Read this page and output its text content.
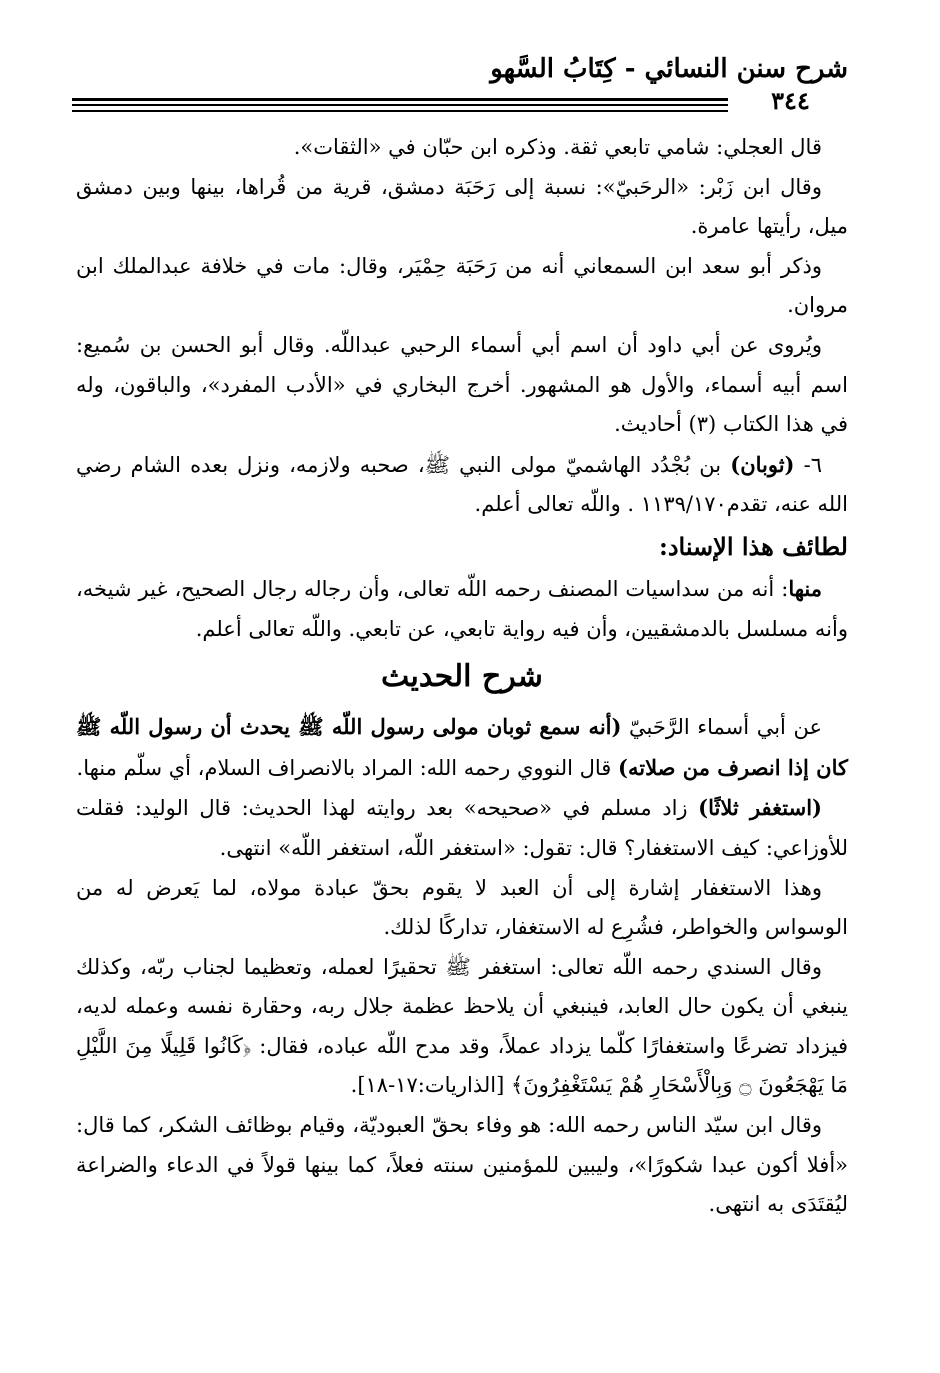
شرح سنن النسائي - كِتَابُ السَّهو
٣٤٤

قال العجلي: شامي تابعي ثقة. وذكره ابن حبّان في «الثقات».

وقال ابن زَبْر: «الرحَبيّ»: نسبة إلى رَحَبَة دمشق، قرية من قُراها، بينها وبين دمشق ميل، رأيتها عامرة.

وذكر أبو سعد ابن السمعاني أنه من رَحَبَة حِمْيَر، وقال: مات في خلافة عبدالملك ابن مروان.

ويُروى عن أبي داود أن اسم أبي أسماء الرحبي عبداللّه. وقال أبو الحسن بن سُميع: اسم أبيه أسماء، والأول هو المشهور. أخرج البخاري في «الأدب المفرد»، والباقون، وله في هذا الكتاب (٣) أحاديث.

٦- (ثوبان) بن بُجْدُد الهاشميّ مولى النبي ﷺ، صحبه ولازمه، ونزل بعده الشام رضي الله عنه، تقدم١١٣٩/١٧٠ . واللّه تعالى أعلم.

لطائف هذا الإسناد:

منها: أنه من سداسيات المصنف رحمه اللّه تعالى، وأن رجاله رجال الصحيح، غير شيخه، وأنه مسلسل بالدمشقيين، وأن فيه رواية تابعي، عن تابعي. واللّه تعالى أعلم.

شرح الحديث

عن أبي أسماء الرَّحَبيّ (أنه سمع ثوبان مولى رسول اللّه ﷺ يحدث أن رسول اللّه ﷺ كان إذا انصرف من صلاته) قال النووي رحمه الله: المراد بالانصراف السلام، أي سلّم منها.

(استغفر ثلاثًا) زاد مسلم في «صحيحه» بعد روايته لهذا الحديث: قال الوليد: فقلت للأوزاعي: كيف الاستغفار؟ قال: تقول: «استغفر اللّه، استغفر اللّه» انتهى.

وهذا الاستغفار إشارة إلى أن العبد لا يقوم بحقّ عبادة مولاه، لما يَعرض له من الوسواس والخواطر، فشُرِع له الاستغفار، تداركًا لذلك.

وقال السندي رحمه اللّه تعالى: استغفر ﷺ تحقيرًا لعمله، وتعظيما لجناب ربّه، وكذلك ينبغي أن يكون حال العابد، فينبغي أن يلاحظ عظمة جلال ربه، وحقارة نفسه وعمله لديه، فيزداد تضرعًا واستغفارًا كلّما يزداد عملاً، وقد مدح اللّه عباده، فقال: ﴿كَانُوا قَلِيلًا مِنَ اللَّيْلِ مَا يَهْجَعُونَ ۝ وَبِالْأَسْحَارِ هُمْ يَسْتَغْفِرُونَ﴾ [الذاريات:١٧-١٨].

وقال ابن سيّد الناس رحمه الله: هو وفاء بحقّ العبوديّة، وقيام بوظائف الشكر، كما قال: «أفلا أكون عبدا شكورًا»، وليبين للمؤمنين سنته فعلاً، كما بينها قولاً في الدعاء والضراعة ليُقتَدَى به انتهى.
